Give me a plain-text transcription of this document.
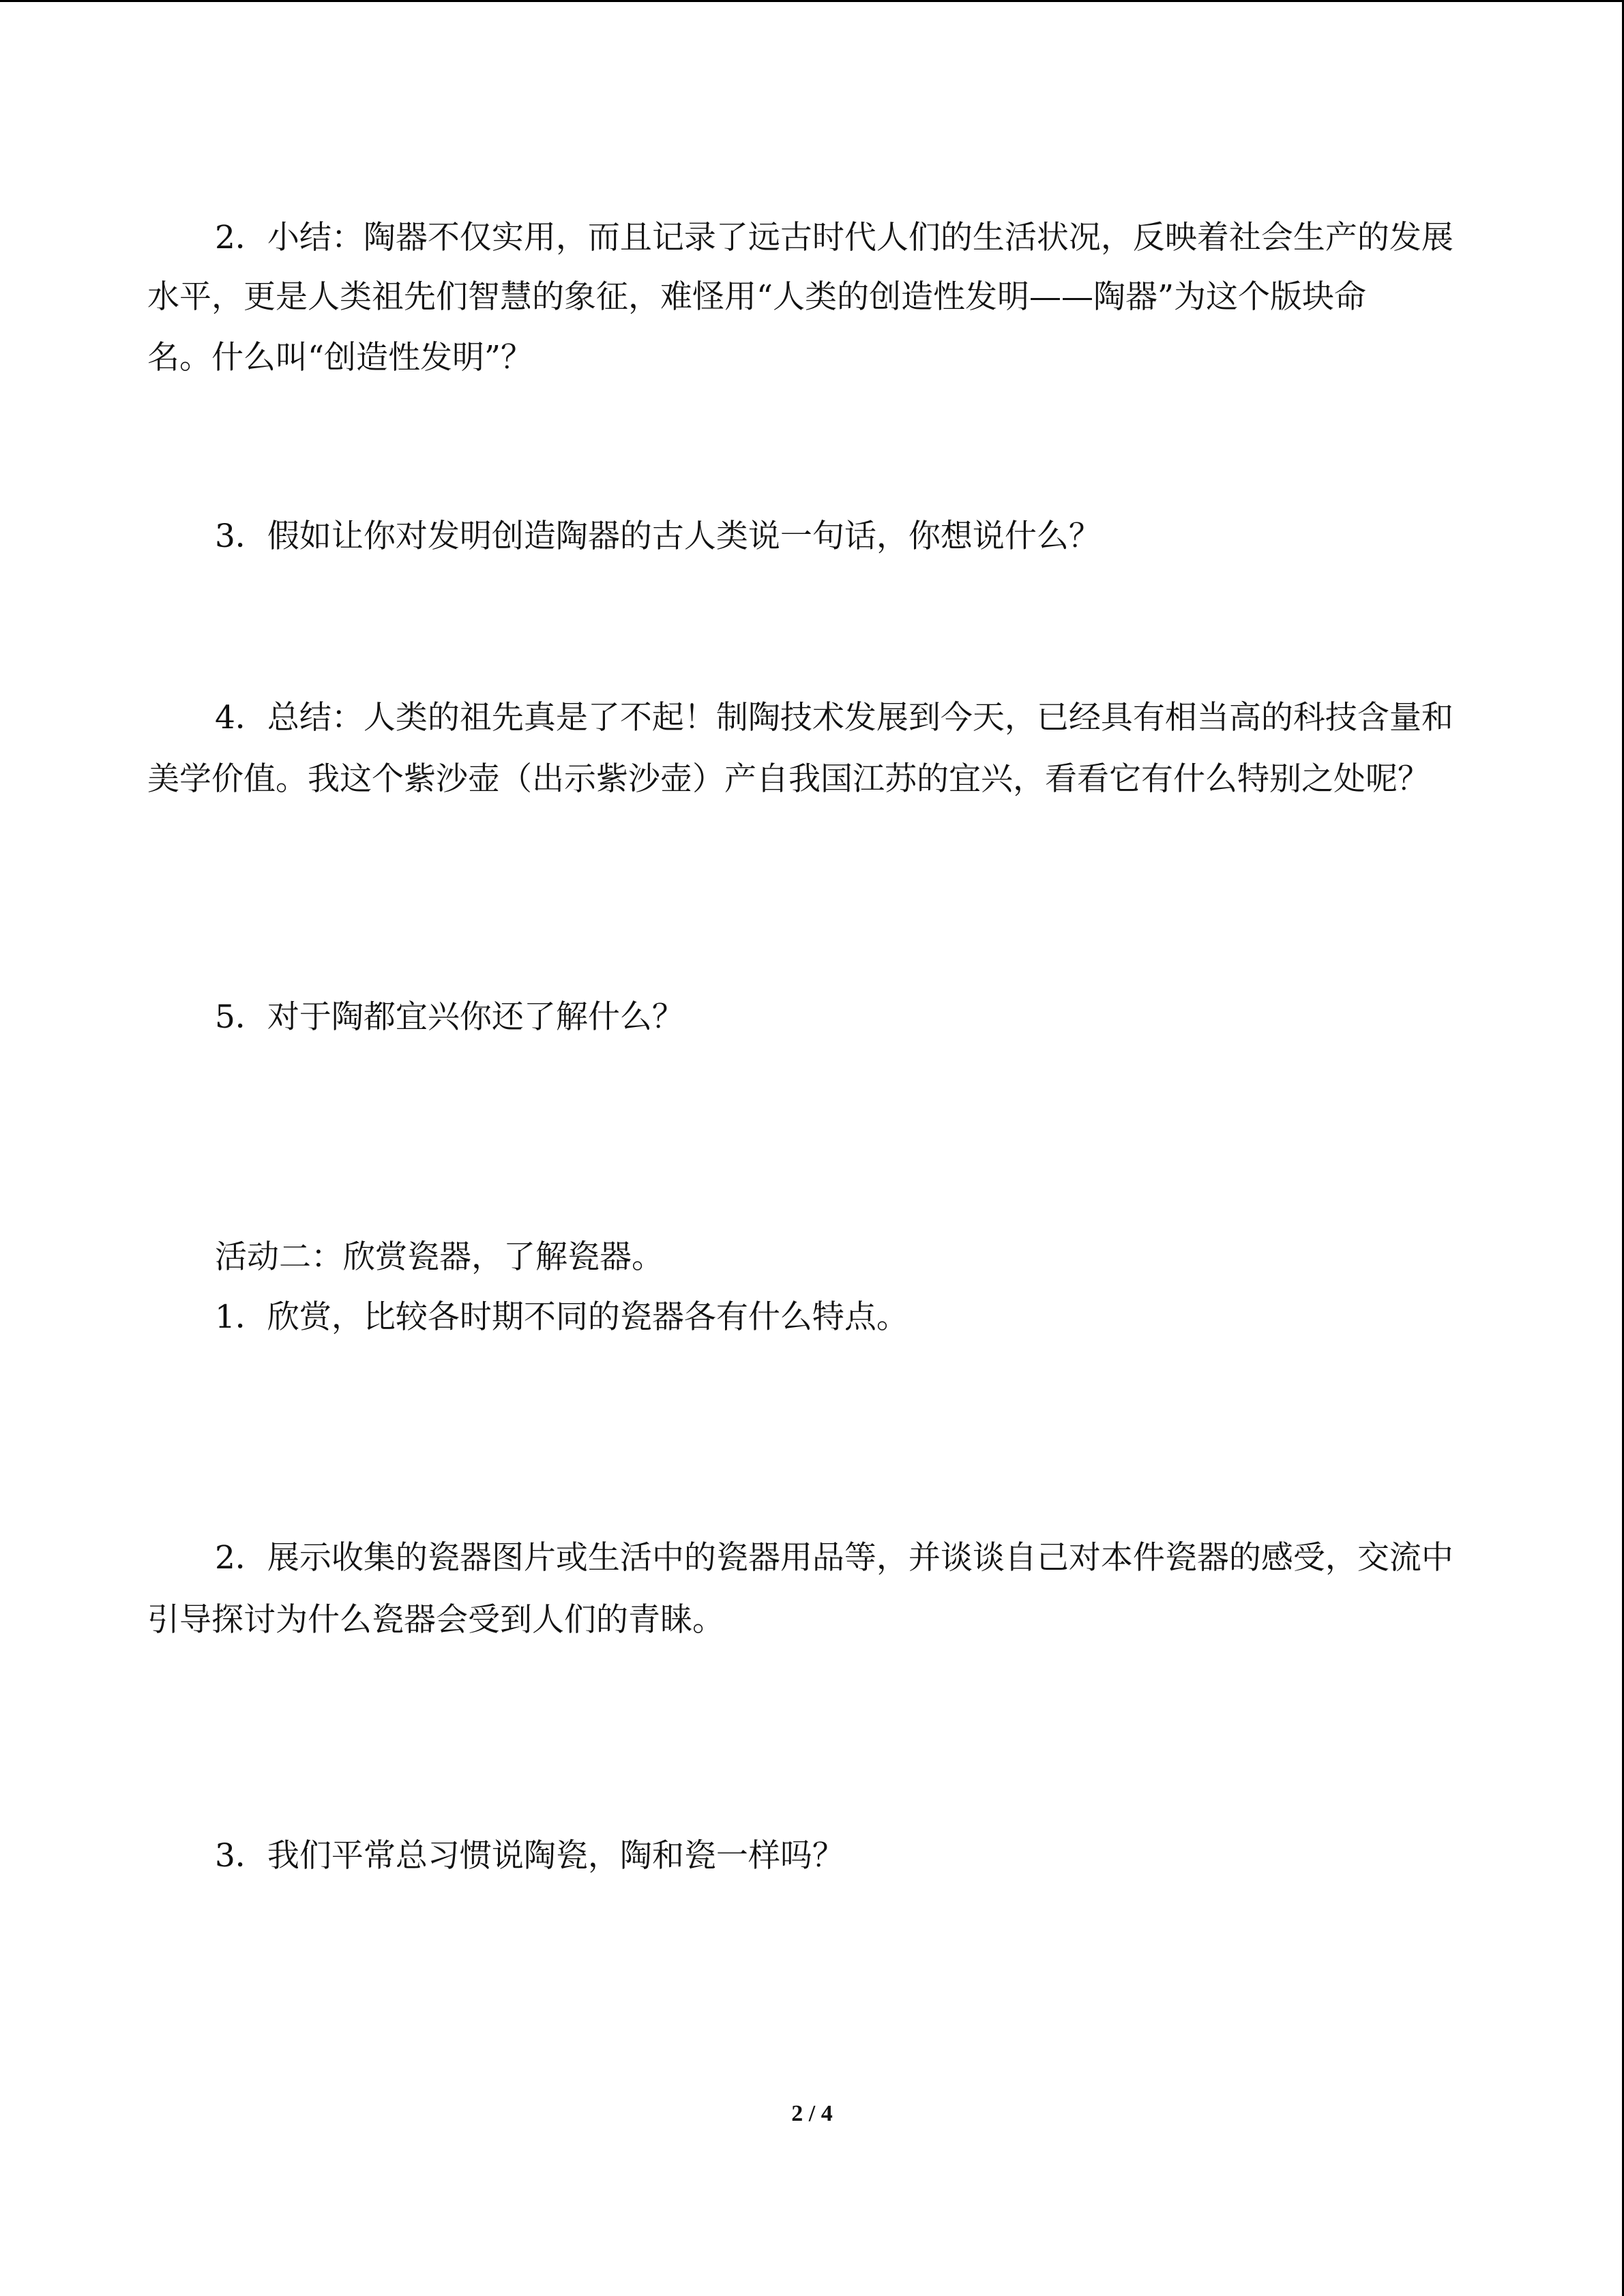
2．小结：陶器不仅实用，而且记录了远古时代人们的生活状况，反映着社会生产的发展
水平，更是人类祖先们智慧的象征，难怪用“人类的创造性发明——陶器”为这个版块命
名。什么叫“创造性发明”？
3．假如让你对发明创造陶器的古人类说一句话，你想说什么？
4．总结：人类的祖先真是了不起！制陶技术发展到今天，已经具有相当高的科技含量和
美学价值。我这个紫沙壶（出示紫沙壶）产自我国江苏的宜兴，看看它有什么特别之处呢？
5．对于陶都宜兴你还了解什么？
活动二：欣赏瓷器，了解瓷器。
1．欣赏，比较各时期不同的瓷器各有什么特点。
2．展示收集的瓷器图片或生活中的瓷器用品等，并谈谈自己对本件瓷器的感受，交流中
引导探讨为什么瓷器会受到人们的青睐。
3．我们平常总习惯说陶瓷，陶和瓷一样吗？
2 / 4
